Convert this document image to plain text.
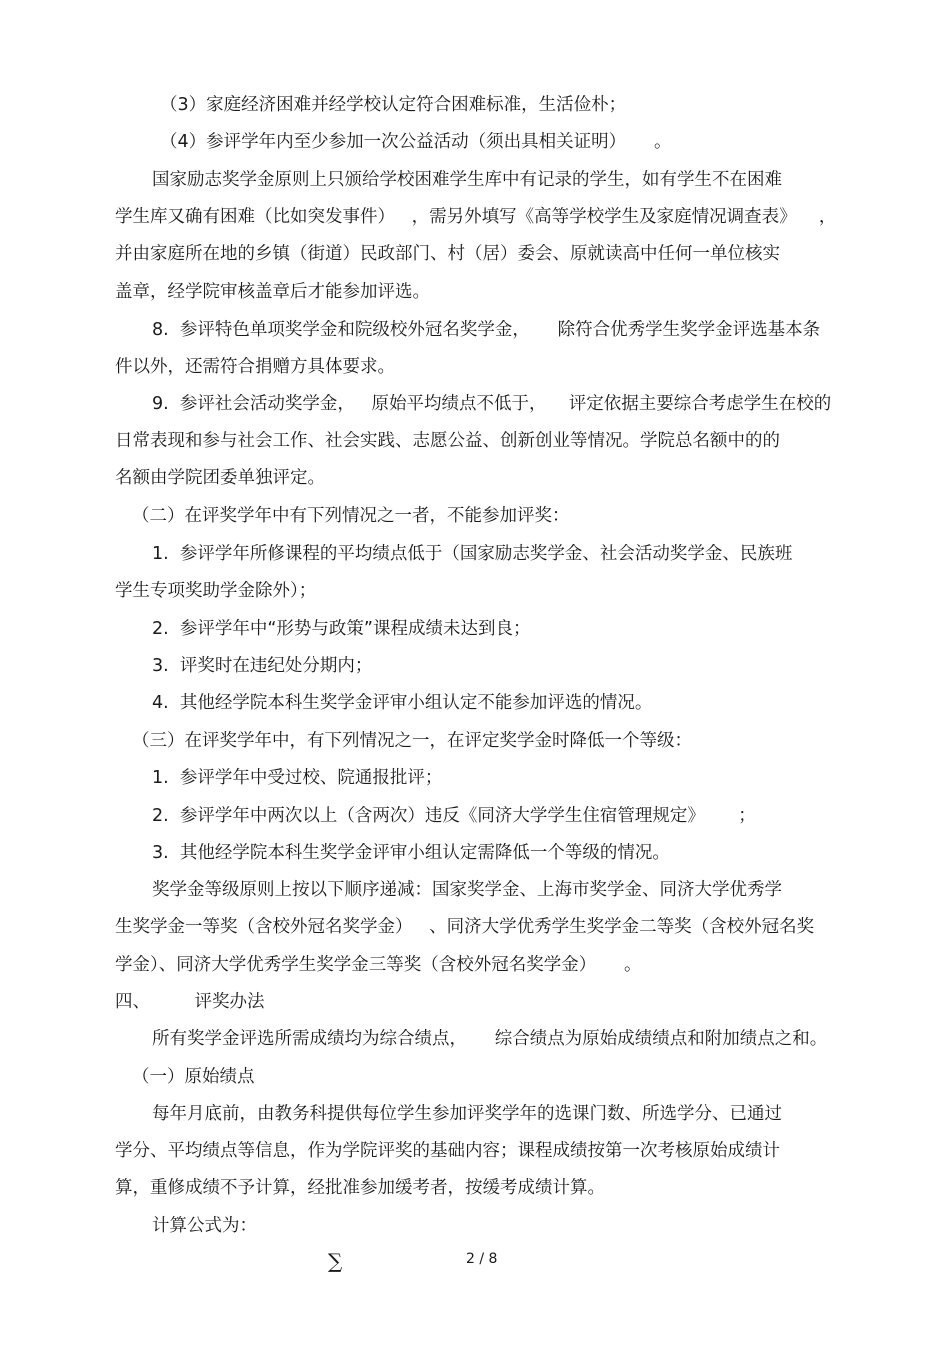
（3）家庭经济困难并经学校认定符合困难标准，生活俭朴；
（4）参评学年内至少参加一次公益活动（须出具相关证明）     。
国家励志奖学金原则上只颁给学校困难学生库中有记录的学生，如有学生不在困难
学生库又确有困难（比如突发事件）   ，需另外填写《高等学校学生及家庭情况调查表》    ，
并由家庭所在地的乡镇（街道）民政部门、村（居）委会、原就读高中任何一单位核实
盖章，经学院审核盖章后才能参加评选。
8.  参评特色单项奖学金和院级校外冠名奖学金，     除符合优秀学生奖学金评选基本条
件以外，还需符合捐赠方具体要求。
9.  参评社会活动奖学金，   原始平均绩点不低于，    评定依据主要综合考虑学生在校的
日常表现和参与社会工作、社会实践、志愿公益、创新创业等情况。学院总名额中的的
名额由学院团委单独评定。
（二）在评奖学年中有下列情况之一者，不能参加评奖：
1.  参评学年所修课程的平均绩点低于（国家励志奖学金、社会活动奖学金、民族班
学生专项奖助学金除外）；
2.  参评学年中“形势与政策”课程成绩未达到良；
3.  评奖时在违纪处分期内；
4.  其他经学院本科生奖学金评审小组认定不能参加评选的情况。
（三）在评奖学年中，有下列情况之一，在评定奖学金时降低一个等级：
1.  参评学年中受过校、院通报批评；
2.  参评学年中两次以上（含两次）违反《同济大学学生住宿管理规定》      ；
3.  其他经学院本科生奖学金评审小组认定需降低一个等级的情况。
奖学金等级原则上按以下顺序递减：国家奖学金、上海市奖学金、同济大学优秀学
生奖学金一等奖（含校外冠名奖学金）   、同济大学优秀学生奖学金二等奖（含校外冠名奖
学金）、同济大学优秀学生奖学金三等奖（含校外冠名奖学金）     。
四、        评奖办法
所有奖学金评选所需成绩均为综合绩点，     综合绩点为原始成绩绩点和附加绩点之和。
（一）原始绩点
每年月底前，由教务科提供每位学生参加评奖学年的选课门数、所选学分、已通过
学分、平均绩点等信息，作为学院评奖的基础内容；课程成绩按第一次考核原始成绩计
算，重修成绩不予计算，经批准参加缓考者，按缓考成绩计算。
计算公式为：
∑	2 / 8
